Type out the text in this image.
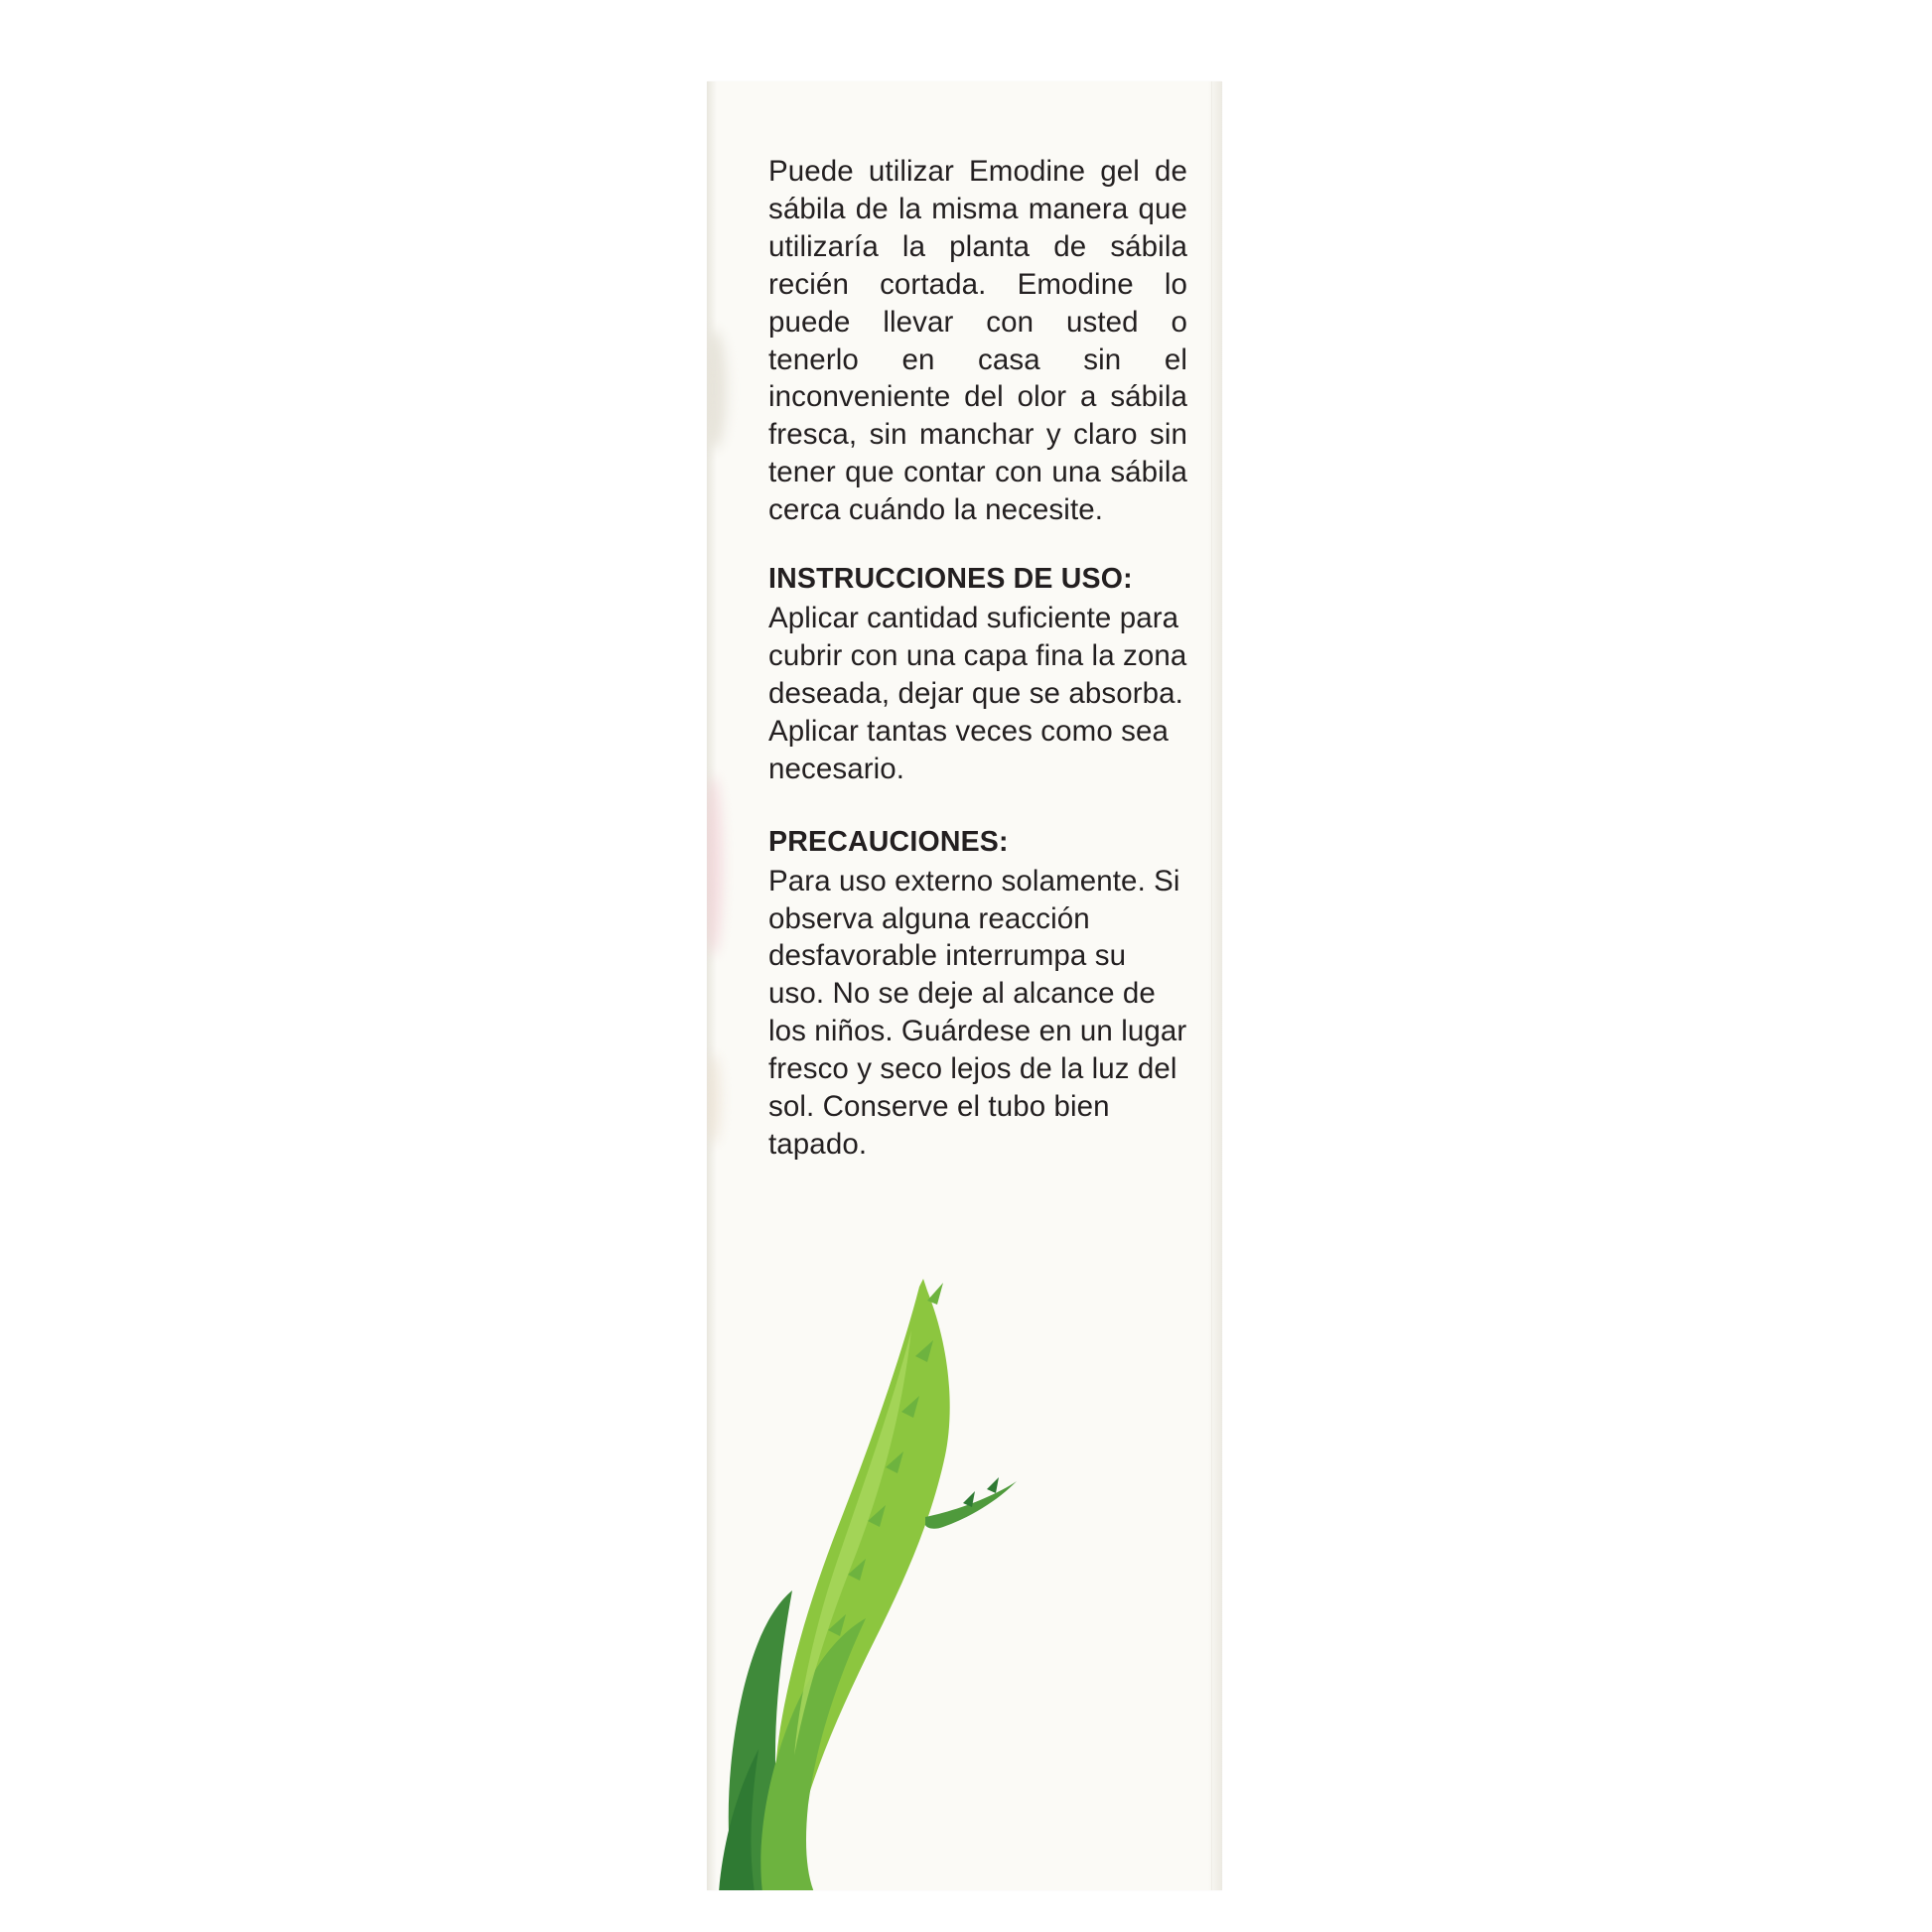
Puede utilizar Emodine gel de sábila de la misma manera que utilizaría la planta de sábila recién cortada. Emodine lo puede llevar con usted o tenerlo en casa sin el inconveniente del olor a sábila fresca, sin manchar y claro sin tener que contar con una sábila cerca cuándo la necesite.

INSTRUCCIONES DE USO:

Aplicar cantidad suficiente para cubrir con una capa fina la zona deseada, dejar que se absorba. Aplicar tantas veces como sea necesario.

PRECAUCIONES:

Para uso externo solamente. Si observa alguna reacción desfavorable interrumpa su uso. No se deje al alcance de los niños. Guárdese en un lugar fresco y seco lejos de la luz del sol. Conserve el tubo bien tapado.
